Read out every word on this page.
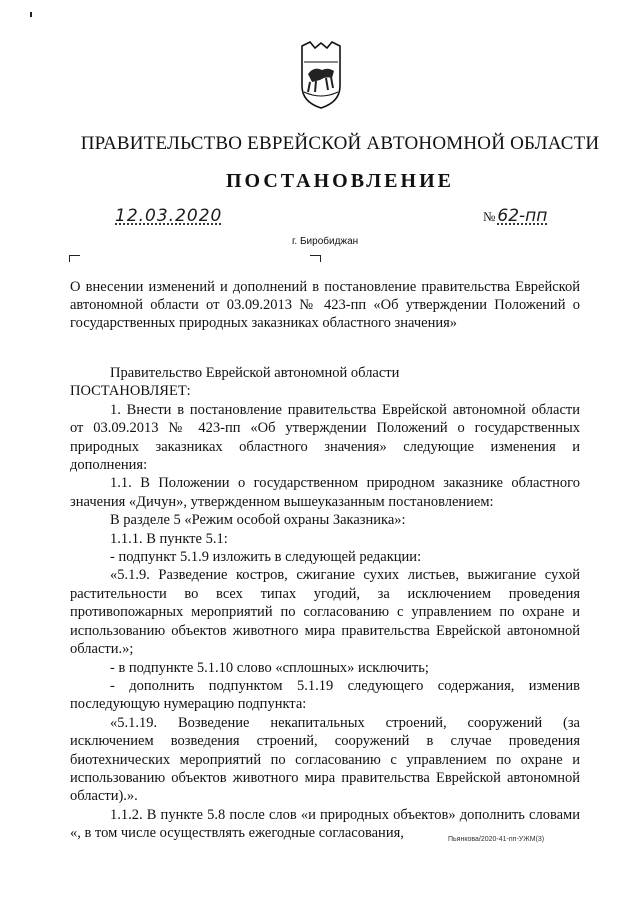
ПРАВИТЕЛЬСТВО ЕВРЕЙСКОЙ АВТОНОМНОЙ ОБЛАСТИ
ПОСТАНОВЛЕНИЕ
12.03.2020	№ 62-пп
г. Биробиджан
О внесении изменений и дополнений в постановление правительства Еврейской автономной области от 03.09.2013 № 423-пп «Об утверждении Положений о государственных природных заказниках областного значения»

Правительство Еврейской автономной области

ПОСТАНОВЛЯЕТ:

1. Внести в постановление правительства Еврейской автономной области от 03.09.2013 № 423-пп «Об утверждении Положений о государственных природных заказниках областного значения» следующие изменения и дополнения:

1.1. В Положении о государственном природном заказнике областного значения «Дичун», утвержденном вышеуказанным постановлением:

В разделе 5 «Режим особой охраны Заказника»:

1.1.1. В пункте 5.1:

- подпункт 5.1.9 изложить в следующей редакции:

«5.1.9. Разведение костров, сжигание сухих листьев, выжигание сухой растительности во всех типах угодий, за исключением проведения противопожарных мероприятий по согласованию с управлением по охране и использованию объектов животного мира правительства Еврейской автономной области.»;

- в подпункте 5.1.10 слово «сплошных» исключить;

- дополнить подпунктом 5.1.19 следующего содержания, изменив последующую нумерацию подпункта:

«5.1.19. Возведение некапитальных строений, сооружений (за исключением возведения строений, сооружений в случае проведения биотехнических мероприятий по согласованию с управлением по охране и использованию объектов животного мира правительства Еврейской автономной области).».

1.1.2. В пункте 5.8 после слов «и природных объектов» дополнить словами «, в том числе осуществлять ежегодные согласования,	Пьянкова/2020-41-пп-УЖМ(3)
